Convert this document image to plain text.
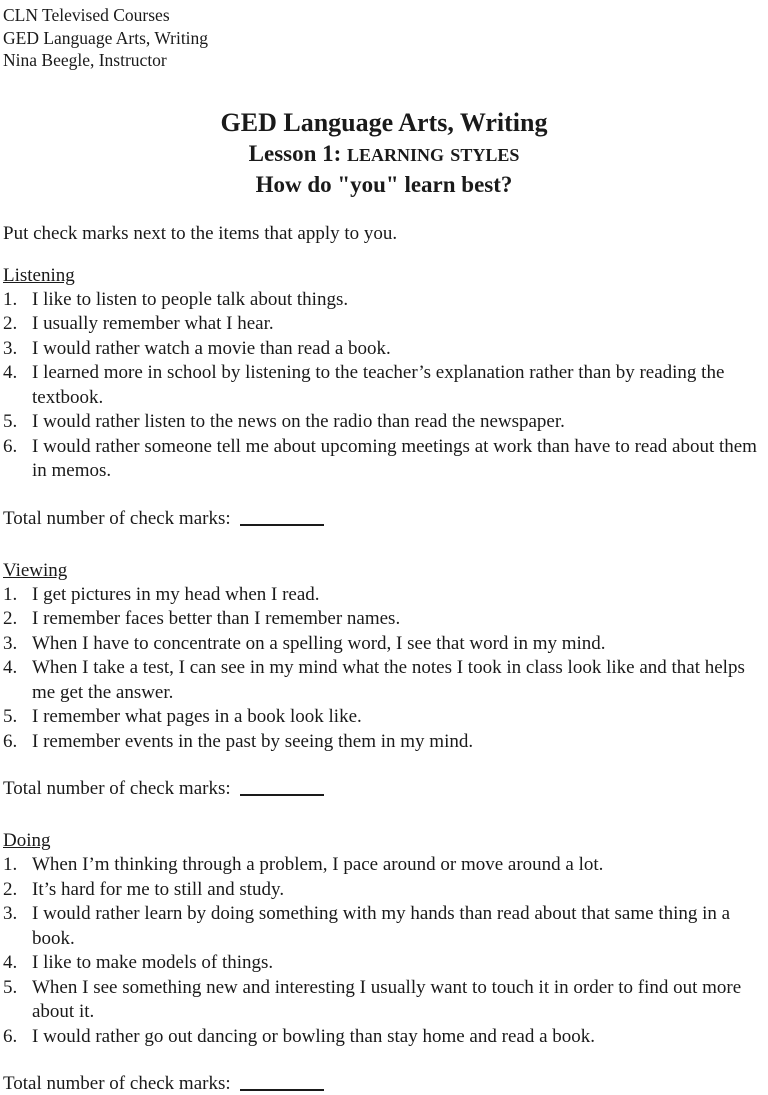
CLN Televised Courses
GED Language Arts, Writing
Nina Beegle, Instructor
GED Language Arts, Writing
Lesson 1: learning styles
How do "you" learn best?

Put check marks next to the items that apply to you.

Listening
1. I like to listen to people talk about things.
2. I usually remember what I hear.
3. I would rather watch a movie than read a book.
4. I learned more in school by listening to the teacher’s explanation rather than by reading the textbook.
5. I would rather listen to the news on the radio than read the newspaper.
6. I would rather someone tell me about upcoming meetings at work than have to read about them in memos.
Total number of check marks:
Viewing
1. I get pictures in my head when I read.
2. I remember faces better than I remember names.
3. When I have to concentrate on a spelling word, I see that word in my mind.
4. When I take a test, I can see in my mind what the notes I took in class look like and that helps me get the answer.
5. I remember what pages in a book look like.
6. I remember events in the past by seeing them in my mind.
Total number of check marks:
Doing
1. When I’m thinking through a problem, I pace around or move around a lot.
2. It’s hard for me to still and study.
3. I would rather learn by doing something with my hands than read about that same thing in a book.
4. I like to make models of things.
5. When I see something new and interesting I usually want to touch it in order to find out more about it.
6. I would rather go out dancing or bowling than stay home and read a book.
Total number of check marks:
